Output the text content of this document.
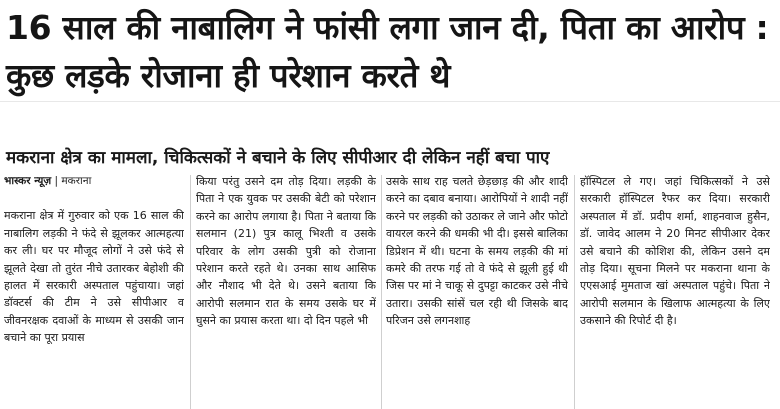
16 साल की नाबालिग ने फांसी लगा जान दी, पिता का आरोप : कुछ लड़के रोजाना ही परेशान करते थे
मकराना क्षेत्र का मामला, चिकित्सकों ने बचाने के लिए सीपीआर दी लेकिन नहीं बचा पाए
भास्कर न्यूज़ | मकराना

मकराना क्षेत्र में गुरुवार को एक 16 साल की नाबालिग लड़की ने फंदे से झूलकर आत्महत्या कर ली। घर पर मौजूद लोगों ने उसे फंदे से झूलते देखा तो तुरंत नीचे उतारकर बेहोशी की हालत में सरकारी अस्पताल पहुंचाया। जहां डॉक्टर्स की टीम ने उसे सीपीआर व जीवनरक्षक दवाओं के माध्यम से उसकी जान बचाने का पूरा प्रयास

किया परंतु उसने दम तोड़ दिया। लड़की के पिता ने एक युवक पर उसकी बेटी को परेशान करने का आरोप लगाया है। पिता ने बताया कि सलमान (21) पुत्र कालू भिश्ती व उसके परिवार के लोग उसकी पुत्री को रोजाना परेशान करते रहते थे। उनका साथ आसिफ और नौशाद भी देते थे। उसने बताया कि आरोपी सलमान रात के समय उसके घर में घुसने का प्रयास करता था। दो दिन पहले भी

उसके साथ राह चलते छेड़छाड़ की और शादी करने का दबाव बनाया। आरोपियों ने शादी नहीं करने पर लड़की को उठाकर ले जाने और फोटो वायरल करने की धमकी भी दी। इससे बालिका डिप्रेशन में थी। घटना के समय लड़की की मां कमरे की तरफ गई तो वे फंदे से झूली हुई थी जिस पर मां ने चाकू से दुपट्टा काटकर उसे नीचे उतारा। उसकी सांसें चल रही थी जिसके बाद परिजन उसे लगनशाह

हॉस्पिटल ले गए। जहां चिकित्सकों ने उसे सरकारी हॉस्पिटल रैफर कर दिया। सरकारी अस्पताल में डॉ. प्रदीप शर्मा, शाहनवाज हुसैन, डॉ. जावेद आलम ने 20 मिनट सीपीआर देकर उसे बचाने की कोशिश की, लेकिन उसने दम तोड़ दिया। सूचना मिलने पर मकराना थाना के एएसआई मुमताज खां अस्पताल पहुंचे। पिता ने आरोपी सलमान के खिलाफ आत्महत्या के लिए उकसाने की रिपोर्ट दी है।
